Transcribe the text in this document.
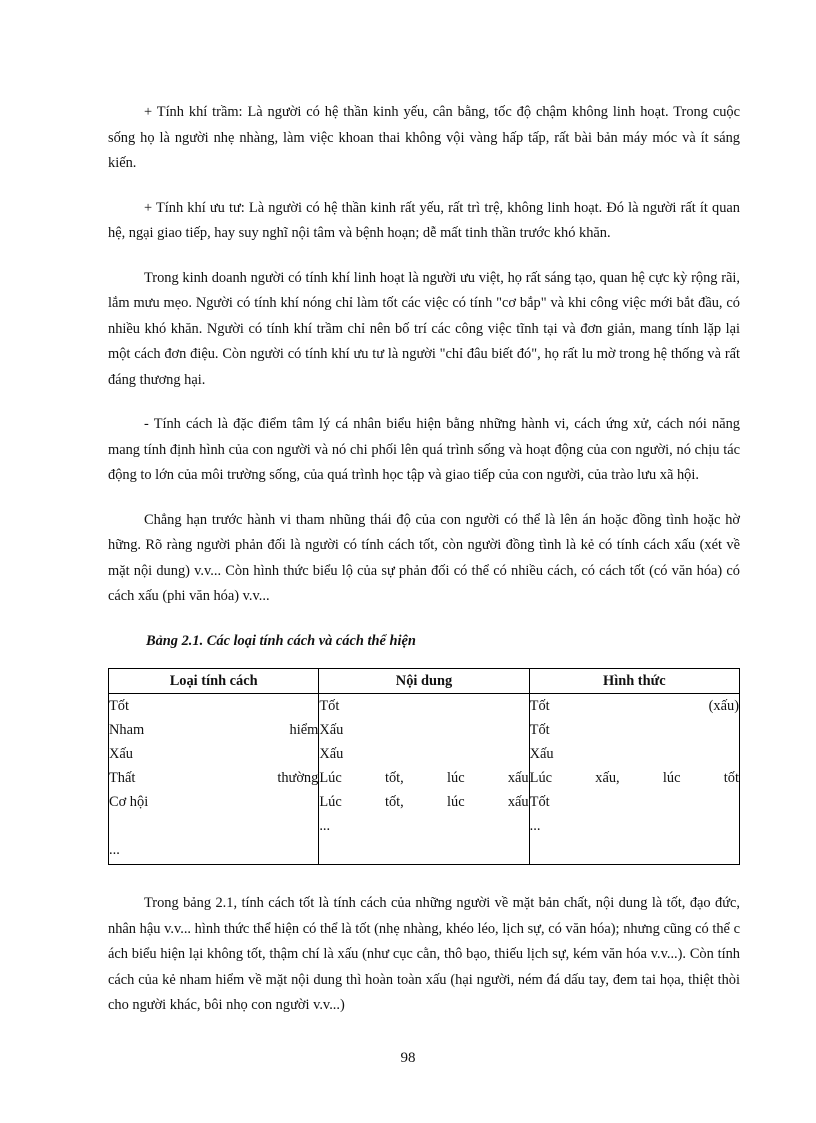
+ Tính khí trầm: Là người có hệ thần kinh yếu, cân bằng, tốc độ chậm không linh hoạt. Trong cuộc sống họ là người nhẹ nhàng, làm việc khoan thai không vội vàng hấp tấp, rất bài bản máy móc và ít sáng kiến.

+ Tính khí ưu tư: Là người có hệ thần kinh rất yếu, rất trì trệ, không linh hoạt. Đó là người rất ít quan hệ, ngại giao tiếp, hay suy nghĩ nội tâm và bệnh hoạn; dễ mất tinh thần trước khó khăn.

Trong kinh doanh người có tính khí linh hoạt là người ưu việt, họ rất sáng tạo, quan hệ cực kỳ rộng rãi, lắm mưu mẹo. Người có tính khí nóng chỉ làm tốt các việc có tính "cơ bắp" và khi công việc mới bắt đầu, có nhiều khó khăn. Người có tính khí trầm chỉ nên bố trí các công việc tĩnh tại và đơn giản, mang tính lặp lại một cách đơn điệu. Còn người có tính khí ưu tư là người "chỉ đâu biết đó", họ rất lu mờ trong hệ thống và rất đáng thương hại.

- Tính cách là đặc điểm tâm lý cá nhân biểu hiện bằng những hành vi, cách ứng xử, cách nói năng mang tính định hình của con người và nó chi phối lên quá trình sống và hoạt động của con người, nó chịu tác động to lớn của môi trường sống, của quá trình học tập và giao tiếp của con người, của trào lưu xã hội.

Chẳng hạn trước hành vi tham nhũng thái độ của con người có thể là lên án hoặc đồng tình hoặc hờ hững. Rõ ràng người phản đối là người có tính cách tốt, còn người đồng tình là kẻ có tính cách xấu (xét về mặt nội dung) v.v... Còn hình thức biểu lộ của sự phản đối có thể có nhiều cách, có cách tốt (có văn hóa) có cách xấu (phi văn hóa) v.v...

Bảng 2.1. Các loại tính cách và cách thể hiện

Loại tính cách	Nội dung	Hình thức

Tốt	Tốt	Tốt (xấu)

Nham hiểm	Xấu	Tốt

Xấu	Xấu	Xấu

Thất thường	Lúc tốt, lúc xấu	Lúc xấu, lúc tốt

Cơ hội	Lúc tốt, lúc xấu	Tốt

	...	...

...		

Trong bảng 2.1, tính cách tốt là tính cách của những người về mặt bản chất, nội dung là tốt, đạo đức, nhân hậu v.v... hình thức thể hiện có thể là tốt (nhẹ nhàng, khéo léo, lịch sự, có văn hóa); nhưng cũng có thể c ách biểu hiện lại không tốt, thậm chí là xấu (như cục cằn, thô bạo, thiếu lịch sự, kém văn hóa v.v...). Còn tính cách của kẻ nham hiểm về mặt nội dung thì hoàn toàn xấu (hại người, ném đá dấu tay, đem tai họa, thiệt thòi cho người khác, bôi nhọ con người v.v...)

98
